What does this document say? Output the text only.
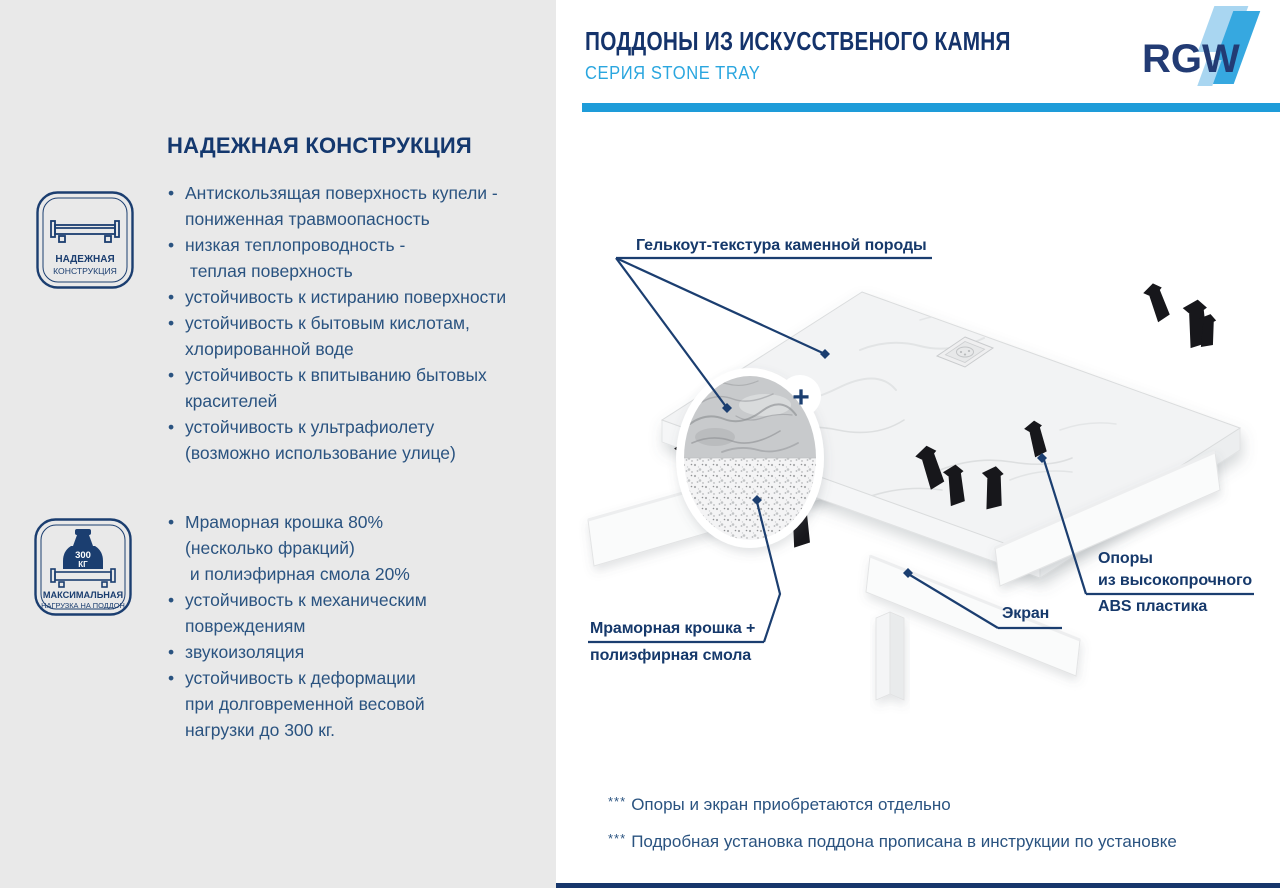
НАДЕЖНАЯ КОНСТРУКЦИЯ
НАДЕЖНАЯ
КОНСТРУКЦИЯ
• Антискользящая поверхность купели -
пониженная травмоопасность
• низкая теплопроводность -
теплая поверхность
• устойчивость к истиранию поверхности
• устойчивость к бытовым кислотам,
хлорированной воде
• устойчивость к впитыванию бытовых
красителей
• устойчивость к ультрафиолету
(возможно использование улице)
300
КГ
МАКСИМАЛЬНАЯ
НАГРУЗКА НА ПОДДОН
• Мраморная крошка 80%
(несколько фракций)
и полиэфирная смола 20%
• устойчивость к механическим
повреждениям
• звукоизоляция
• устойчивость к деформации
при долговременной весовой
нагрузки до 300 кг.
ПОДДОНЫ ИЗ ИСКУССТВЕНОГО КАМНЯ
СЕРИЯ STONE TRAY	RGW
+
Гелькоут-текстура каменной породы
Мраморная крошка +
полиэфирная смола
Экран
Опоры
из высокопрочного
ABS пластика
*** Опоры и экран приобретаются отдельно
*** Подробная установка поддона прописана в инструкции по установке
